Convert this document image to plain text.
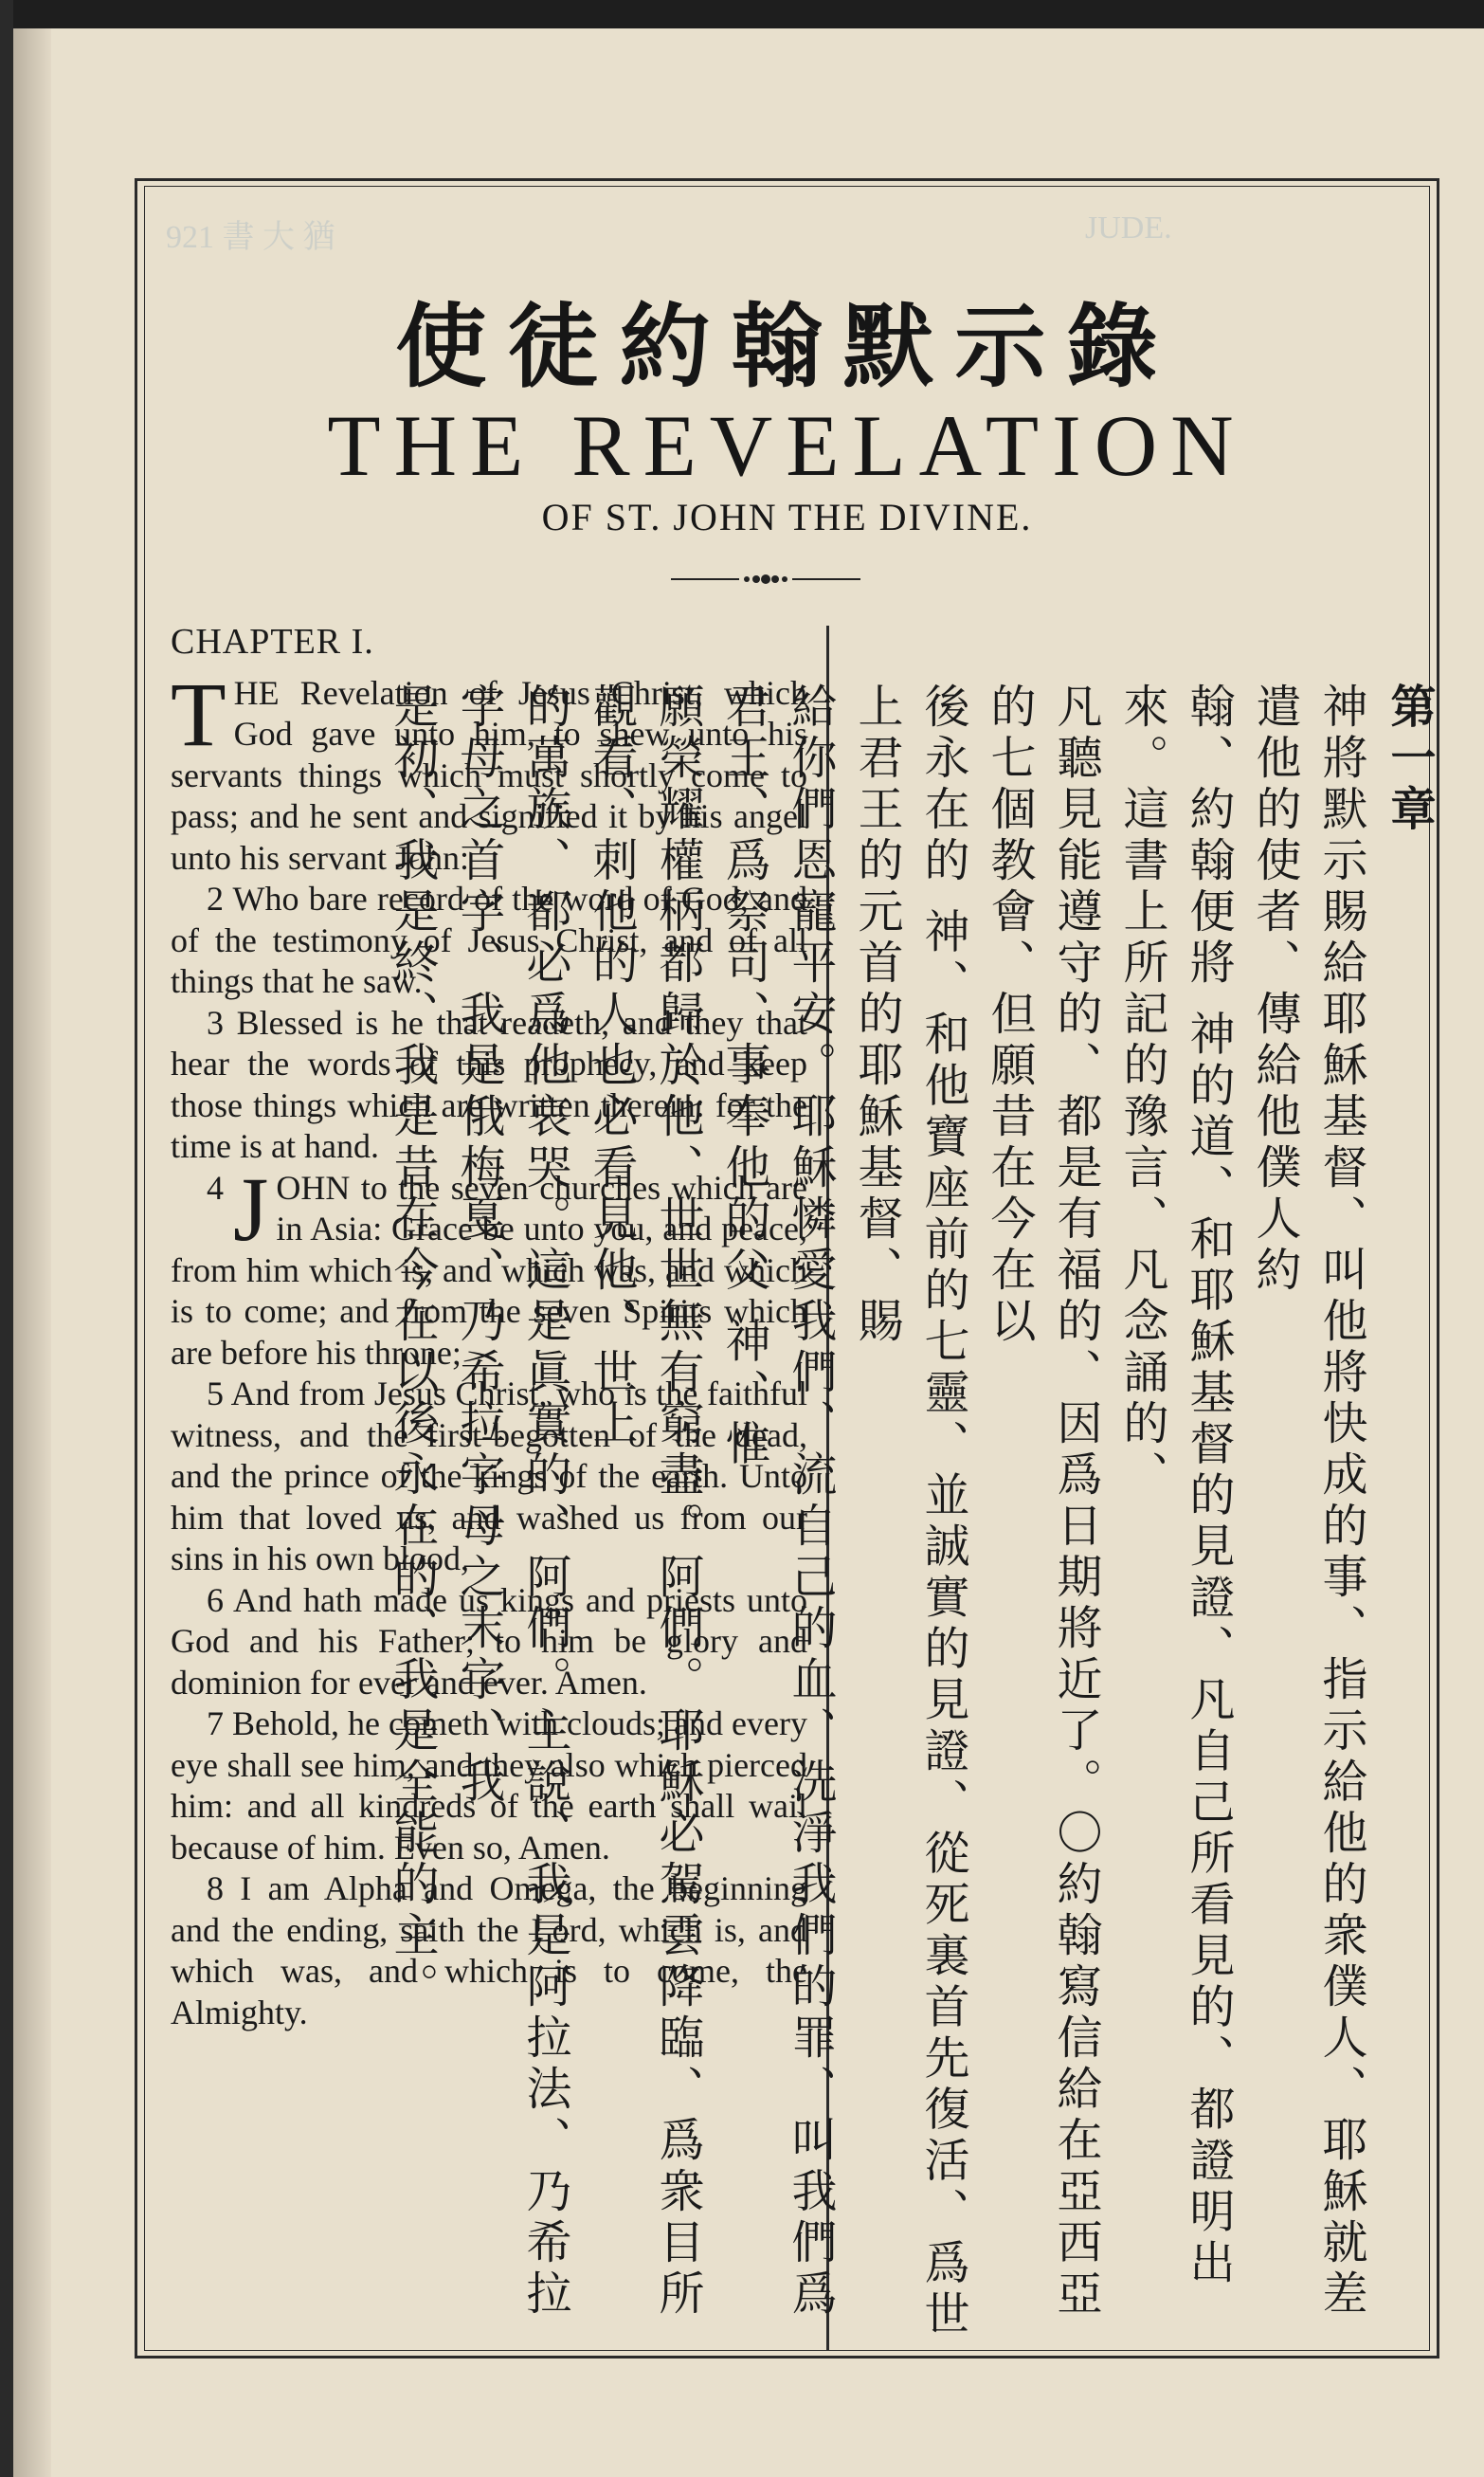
921 書 大 猶	JUDE.
使徒約翰默示錄
THE REVELATION
OF ST. JOHN THE DIVINE.
CHAPTER I.

THE Revelation of Jesus Christ, which God gave unto him, to shew unto his servants things which must shortly come to pass; and he sent and signified it by his angel unto his servant John:

2 Who bare record of the word of God, and of the testimony of Jesus Christ, and of all things that he saw.

3 Blessed is he that readeth, and they that hear the words of this prophecy, and keep those things which are written therein: for the time is at hand.

4 J OHN to the seven churches which are in Asia: Grace be unto you, and peace, from him which is, and which was, and which is to come; and from the seven Spirits which are before his throne;

5 And from Jesus Christ, who is the faithful witness, and the first-begotten of the dead, and the prince of the kings of the earth. Unto him that loved us, and washed us from our sins in his own blood,

6 And hath made us kings and priests unto God and his Father; to him be glory and dominion for ever and ever. Amen.

7 Behold, he cometh with clouds; and every eye shall see him, and they also which pierced him: and all kindreds of the earth shall wail because of him. Even so, Amen.

8 I am Alpha and Omega, the beginning and the ending, saith the Lord, which is, and which was, and which is to come, the Almighty.

第一章
神將默示賜給耶穌基督、叫他將快成的事、指示給他的衆僕人、耶穌就差遣他的使者、傳給他僕人約
翰、約翰便將 神的道、和耶穌基督的見證、凡自己所看見的、都證明出來。這書上所記的豫言、凡念誦的、
凡聽見能遵守的、都是有福的、因爲日期將近了。〇約翰寫信給在亞西亞的七個教會、但願昔在今在以
後永在的 神、和他寶座前的七靈、並誠實的見證、從死裏首先復活、爲世上君王的元首的耶穌基督、賜
給你們恩寵平安。耶穌憐愛我們、流自己的血、洗淨我們的罪、叫我們爲君王、爲祭司、事奉他的父 神、惟
願榮耀權柄都歸於他、世世無有窮盡。阿們。耶穌必駕雲降臨、爲衆目所觀看、刺他的人也必看見他、世上
的萬族、都必爲他哀哭。這是眞實的、阿們。主說、我是阿拉法、乃希拉字母之首字、我是俄梅戛、乃希拉字母之末字、我
是初、我是終、我是昔在今在以後永在的、我是全能的主。
